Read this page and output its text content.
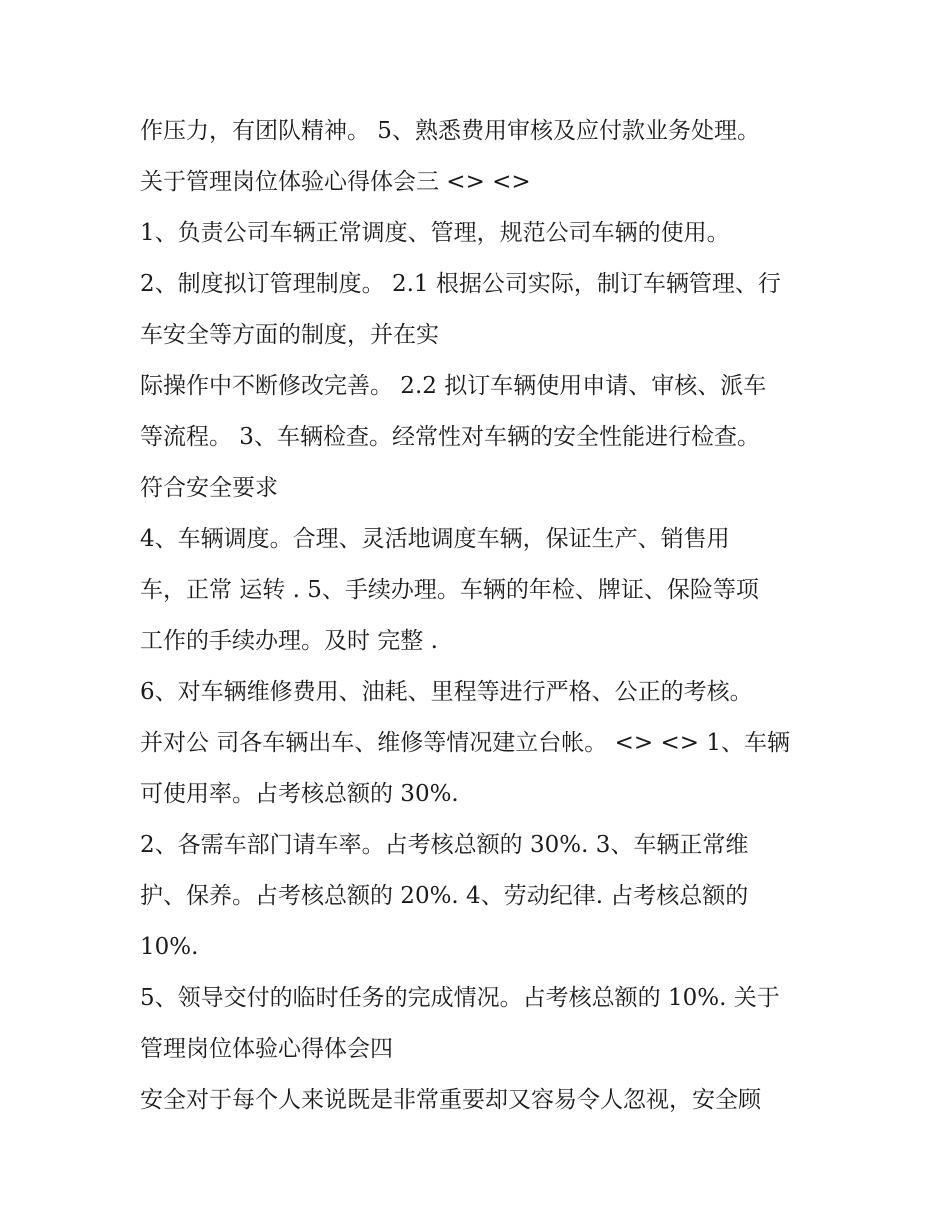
作压力，有团队精神。 5、熟悉费用审核及应付款业务处理。
关于管理岗位体验心得体会三 <> <>
1、负责公司车辆正常调度、管理，规范公司车辆的使用。
2、制度拟订管理制度。 2.1 根据公司实际，制订车辆管理、行
车安全等方面的制度，并在实
际操作中不断修改完善。 2.2 拟订车辆使用申请、审核、派车
等流程。 3、车辆检查。经常性对车辆的安全性能进行检查。
符合安全要求
4、车辆调度。合理、灵活地调度车辆，保证生产、销售用
车，正常 运转 . 5、手续办理。车辆的年检、牌证、保险等项
工作的手续办理。及时 完整 .
6、对车辆维修费用、油耗、里程等进行严格、公正的考核。
并对公 司各车辆出车、维修等情况建立台帐。 <> <> 1、车辆
可使用率。占考核总额的 30%.
2、各需车部门请车率。占考核总额的 30%. 3、车辆正常维
护、保养。占考核总额的 20%. 4、劳动纪律. 占考核总额的
10%.
5、领导交付的临时任务的完成情况。占考核总额的 10%. 关于
管理岗位体验心得体会四
安全对于每个人来说既是非常重要却又容易令人忽视，安全顾
